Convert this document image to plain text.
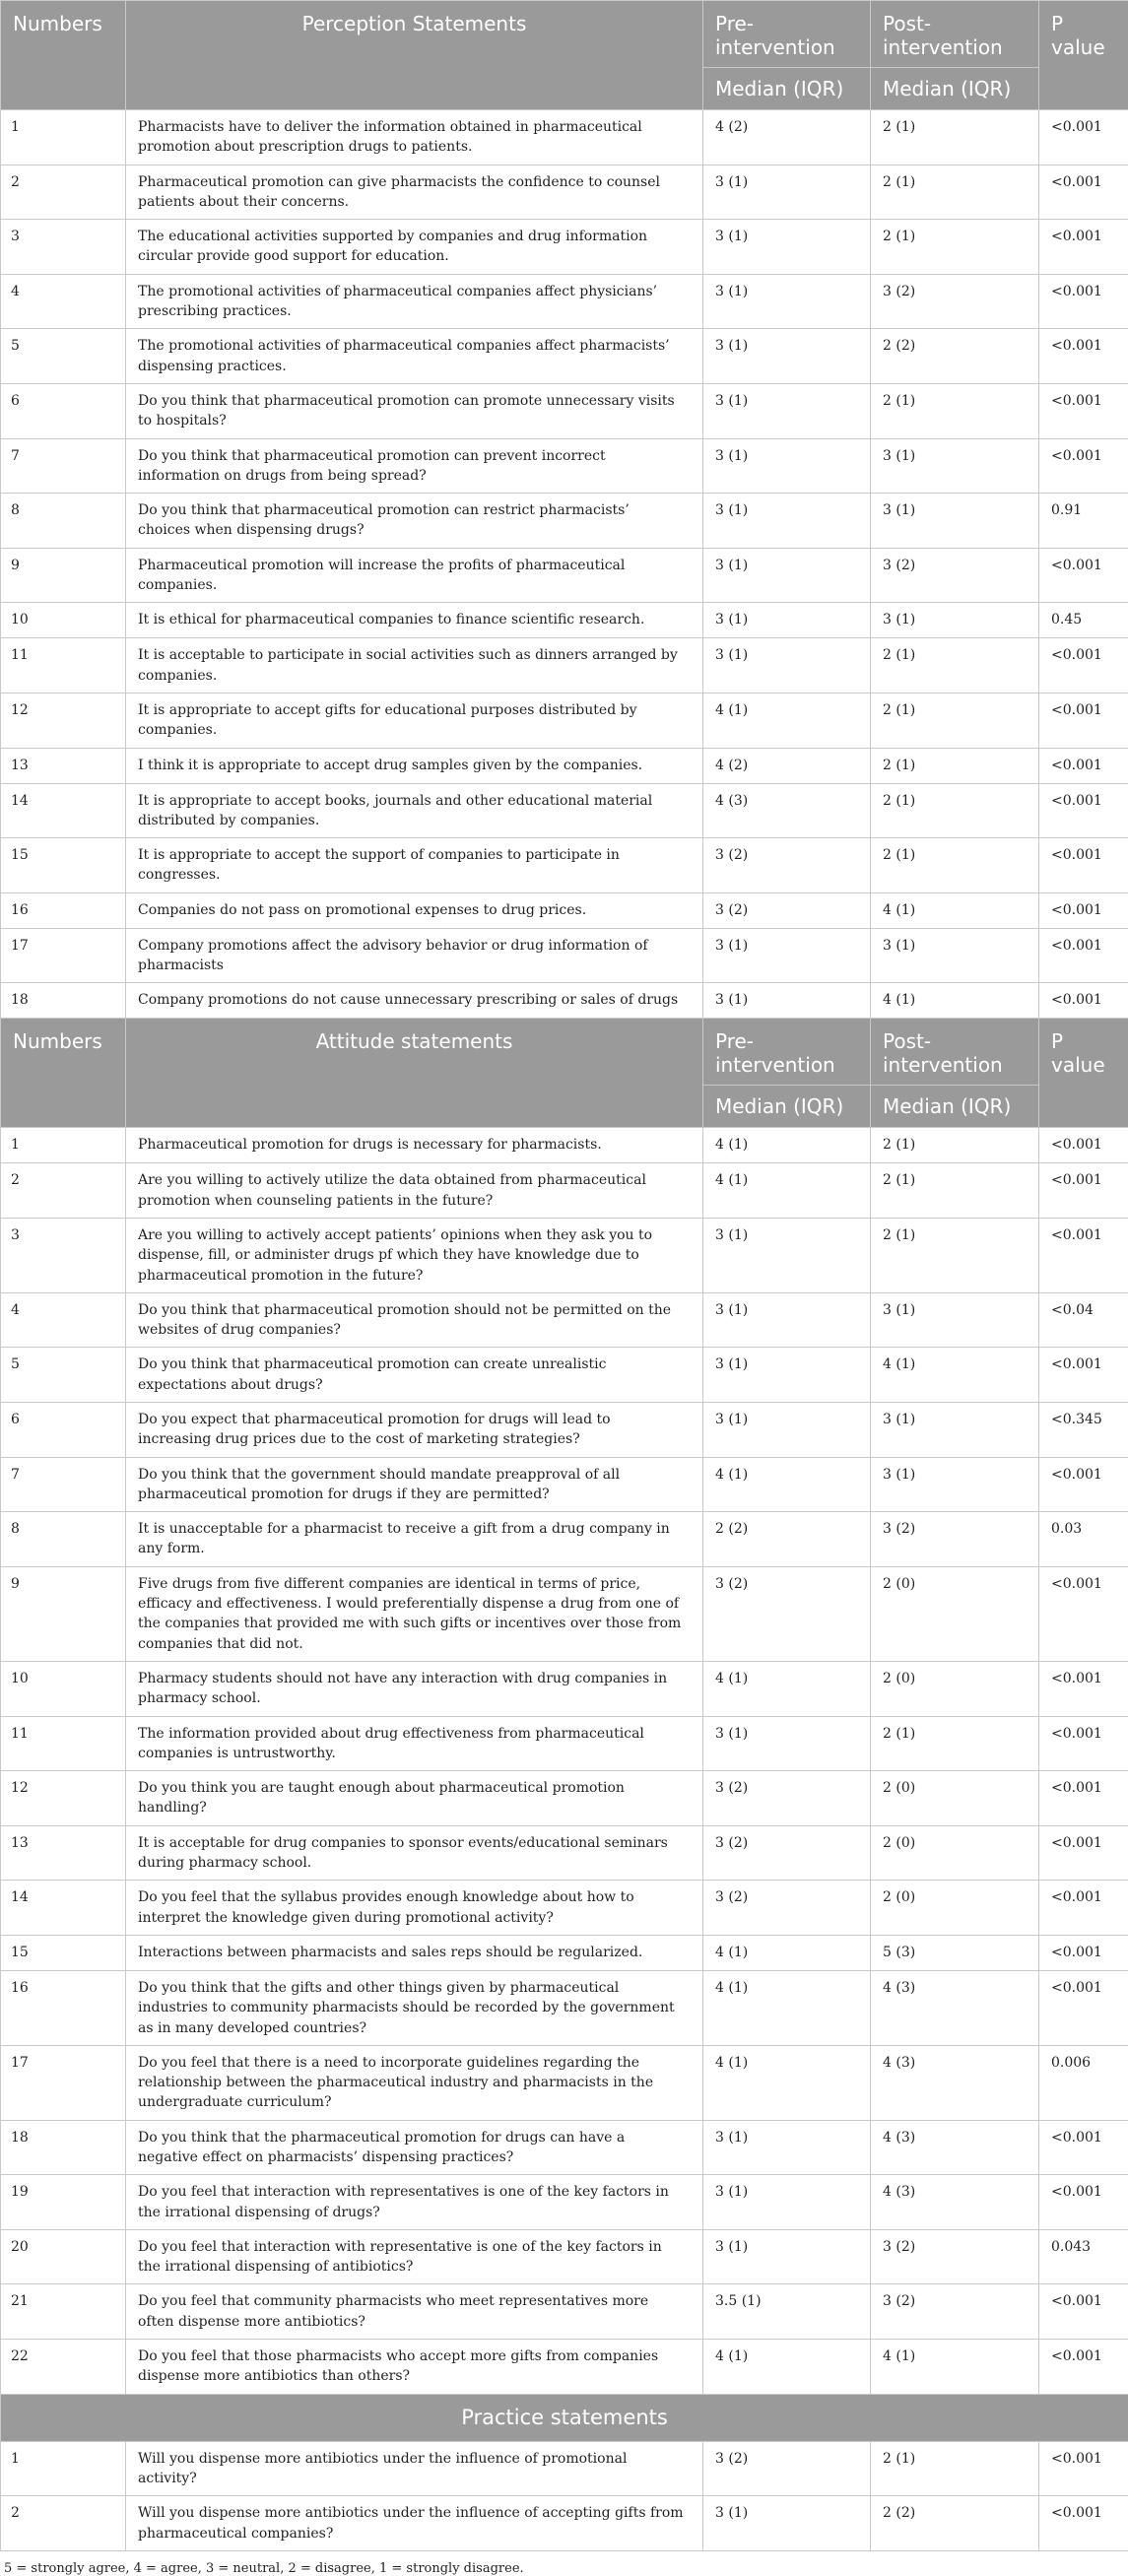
Numbers	Perception Statements	Pre-intervention	Post-intervention	P value
		Median (IQR)	Median (IQR)	
1	Pharmacists have to deliver the information obtained in pharmaceutical promotion about prescription drugs to patients.	4 (2)	2 (1)	<0.001
2	Pharmaceutical promotion can give pharmacists the confidence to counsel patients about their concerns.	3 (1)	2 (1)	<0.001
3	The educational activities supported by companies and drug information circular provide good support for education.	3 (1)	2 (1)	<0.001
4	The promotional activities of pharmaceutical companies affect physicians’ prescribing practices.	3 (1)	3 (2)	<0.001
5	The promotional activities of pharmaceutical companies affect pharmacists’ dispensing practices.	3 (1)	2 (2)	<0.001
6	Do you think that pharmaceutical promotion can promote unnecessary visits to hospitals?	3 (1)	2 (1)	<0.001
7	Do you think that pharmaceutical promotion can prevent incorrect information on drugs from being spread?	3 (1)	3 (1)	<0.001
8	Do you think that pharmaceutical promotion can restrict pharmacists’ choices when dispensing drugs?	3 (1)	3 (1)	0.91
9	Pharmaceutical promotion will increase the profits of pharmaceutical companies.	3 (1)	3 (2)	<0.001
10	It is ethical for pharmaceutical companies to finance scientific research.	3 (1)	3 (1)	0.45
11	It is acceptable to participate in social activities such as dinners arranged by companies.	3 (1)	2 (1)	<0.001
12	It is appropriate to accept gifts for educational purposes distributed by companies.	4 (1)	2 (1)	<0.001
13	I think it is appropriate to accept drug samples given by the companies.	4 (2)	2 (1)	<0.001
14	It is appropriate to accept books, journals and other educational material distributed by companies.	4 (3)	2 (1)	<0.001
15	It is appropriate to accept the support of companies to participate in congresses.	3 (2)	2 (1)	<0.001
16	Companies do not pass on promotional expenses to drug prices.	3 (2)	4 (1)	<0.001
17	Company promotions affect the advisory behavior or drug information of pharmacists	3 (1)	3 (1)	<0.001
18	Company promotions do not cause unnecessary prescribing or sales of drugs	3 (1)	4 (1)	<0.001
Numbers	Attitude statements	Pre-intervention	Post-intervention	P value
		Median (IQR)	Median (IQR)	
1	Pharmaceutical promotion for drugs is necessary for pharmacists.	4 (1)	2 (1)	<0.001
2	Are you willing to actively utilize the data obtained from pharmaceutical promotion when counseling patients in the future?	4 (1)	2 (1)	<0.001
3	Are you willing to actively accept patients’ opinions when they ask you to dispense, fill, or administer drugs pf which they have knowledge due to pharmaceutical promotion in the future?	3 (1)	2 (1)	<0.001
4	Do you think that pharmaceutical promotion should not be permitted on the websites of drug companies?	3 (1)	3 (1)	<0.04
5	Do you think that pharmaceutical promotion can create unrealistic expectations about drugs?	3 (1)	4 (1)	<0.001
6	Do you expect that pharmaceutical promotion for drugs will lead to increasing drug prices due to the cost of marketing strategies?	3 (1)	3 (1)	<0.345
7	Do you think that the government should mandate preapproval of all pharmaceutical promotion for drugs if they are permitted?	4 (1)	3 (1)	<0.001
8	It is unacceptable for a pharmacist to receive a gift from a drug company in any form.	2 (2)	3 (2)	0.03
9	Five drugs from five different companies are identical in terms of price, efficacy and effectiveness. I would preferentially dispense a drug from one of the companies that provided me with such gifts or incentives over those from companies that did not.	3 (2)	2 (0)	<0.001
10	Pharmacy students should not have any interaction with drug companies in pharmacy school.	4 (1)	2 (0)	<0.001
11	The information provided about drug effectiveness from pharmaceutical companies is untrustworthy.	3 (1)	2 (1)	<0.001
12	Do you think you are taught enough about pharmaceutical promotion handling?	3 (2)	2 (0)	<0.001
13	It is acceptable for drug companies to sponsor events/educational seminars during pharmacy school.	3 (2)	2 (0)	<0.001
14	Do you feel that the syllabus provides enough knowledge about how to interpret the knowledge given during promotional activity?	3 (2)	2 (0)	<0.001
15	Interactions between pharmacists and sales reps should be regularized.	4 (1)	5 (3)	<0.001
16	Do you think that the gifts and other things given by pharmaceutical industries to community pharmacists should be recorded by the government as in many developed countries?	4 (1)	4 (3)	<0.001
17	Do you feel that there is a need to incorporate guidelines regarding the relationship between the pharmaceutical industry and pharmacists in the undergraduate curriculum?	4 (1)	4 (3)	0.006
18	Do you think that the pharmaceutical promotion for drugs can have a negative effect on pharmacists’ dispensing practices?	3 (1)	4 (3)	<0.001
19	Do you feel that interaction with representatives is one of the key factors in the irrational dispensing of drugs?	3 (1)	4 (3)	<0.001
20	Do you feel that interaction with representative is one of the key factors in the irrational dispensing of antibiotics?	3 (1)	3 (2)	0.043
21	Do you feel that community pharmacists who meet representatives more often dispense more antibiotics?	3.5 (1)	3 (2)	<0.001
22	Do you feel that those pharmacists who accept more gifts from companies dispense more antibiotics than others?	4 (1)	4 (1)	<0.001
Practice statements				
1	Will you dispense more antibiotics under the influence of promotional activity?	3 (2)	2 (1)	<0.001
2	Will you dispense more antibiotics under the influence of accepting gifts from pharmaceutical companies?	3 (1)	2 (2)	<0.001
5 = strongly agree, 4 = agree, 3 = neutral, 2 = disagree, 1 = strongly disagree.
